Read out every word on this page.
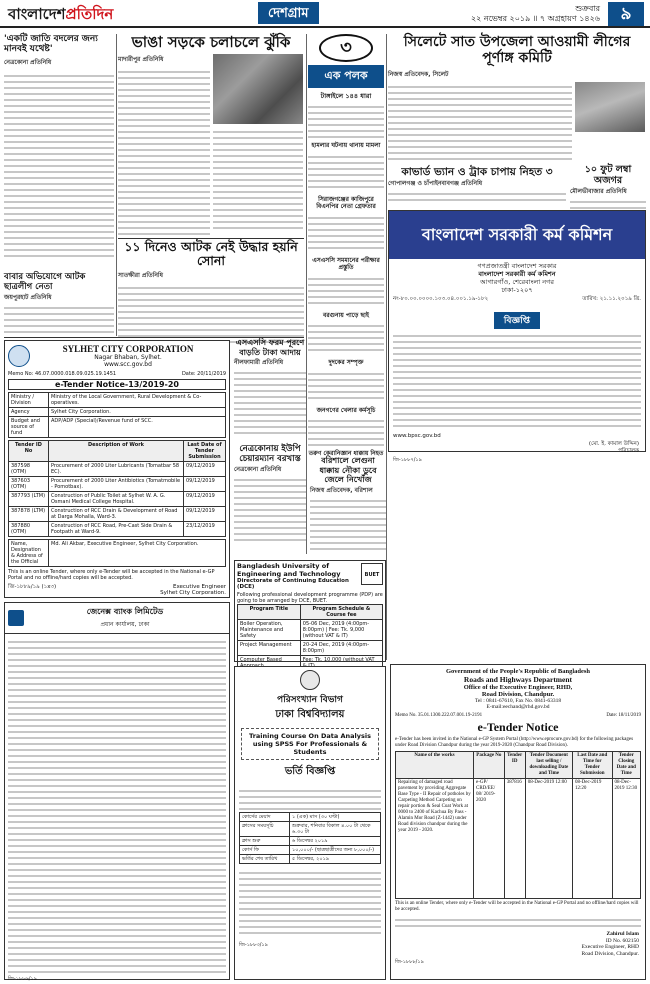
বাংলাদেশপ্রতিদিন	দেশগ্রাম	শুক্রবার
২২ নভেম্বর ২০১৯ ॥ ৭ অগ্রহায়ণ ১৪২৬	৯
'একটি জাতি বদলের জন্য মানবই যথেষ্ট'
নেত্রকোনা প্রতিনিধি
ভাঙা সড়কে চলাচলে ঝুঁকি
মাদারীপুর প্রতিনিধি
৩
এক পলক
টাঙ্গাইলে ১৪৪ ধারা
হামলার ঘটনায় থানায় মামলা
সিরাজগঞ্জের কাজিপুরে বিএনপির নেতা গ্রেফতার
এসএসসি সমমানের পরীক্ষার প্রস্তুতি
বরগুনায় পাড়ে ছাই
দুদকের সম্পৃক্ত
জনগণের খেলার কর্মসূচি
তরুণ কেরানিজ্ঞান ধাক্কায় নিহত
সিলেটে সাত উপজেলা আওয়ামী লীগের পূর্ণাঙ্গ কমিটি
নিজস্ব প্রতিবেদক, সিলেট
কাভার্ড ভ্যান ও ট্রাক চাপায় নিহত ৩
গোপালগঞ্জ ও চাঁপাইনবাবগঞ্জ প্রতিনিধি
১০ ফুট লম্বা অজগর
মৌলভীবাজার প্রতিনিধি
১১ দিনেও আটক নেই উদ্ধার হয়নি সোনা
সাতক্ষীরা প্রতিনিধি
বাবার অভিযোগে আটক ছাত্রলীগ নেতা
জয়পুরহাট প্রতিনিধি
বাংলাদেশ সরকারী কর্ম কমিশন
গণপ্রজাতন্ত্রী বাংলাদেশ সরকার
বাংলাদেশ সরকারী কর্ম কমিশন
আগারগাঁও, শেরেবাংলা নগর
ঢাকা-১২০৭
নং-৮০.০০.০০০০.১০৩.০৪.০০১.১৯-১৮২	তারিখ: ২১.১১.২০১৯ খ্রি.
বিজ্ঞপ্তি
www.bpsc.gov.bd
(মো. ই. কামাল উদ্দিন)
পরিচালক
জি-১৮৮৭/১৯
এসএসসি ফরম পূরণে বাড়তি টাকা আদায়
নীলফামারী প্রতিনিধি
SYLHET CITY CORPORATION
Nagar Bhaban, Sylhet.
www.scc.gov.bd
Memo No: 46.07.0000.018.09.025.19.1451	Date: 20/11/2019
e-Tender Notice-13/2019-20
Ministry / Division	Ministry of the Local Government, Rural Development & Co-operatives.
Agency	Sylhet City Corporation.
Budget and source of fund	ADP/ADP (Special)/Revenue fund of SCC.
Tender ID No	Description of Work	Last Date of Tender Submission
387598 (OTM)	Procurement of 2000 Liter Lubricants (Tomatbar 58 EC).	09/12/2019
387603 (OTM)	Procurement of 2000 Liter Antibiotics (Tomatmobile - Pomotbax).	09/12/2019
387793 (LTM)	Construction of Public Toilet at Sylhet W. A. G. Osmani Medical College Hospital.	09/12/2019
387878 (LTM)	Construction of RCC Drain & Development of Road at Darga Mohalla, Ward-3.	09/12/2019
387880 (OTM)	Construction of RCC Road, Pre-Cast Side Drain & Footpath at Ward-9.	23/12/2019
Name, Designation & Address of the Official	Md. Ali Akbar, Executive Engineer, Sylhet City Corporation.
This is an online Tender, where only e-Tender will be accepted in the National e-GP Portal and no offline/hard copies will be accepted.
জি-১৮৮৯/১৯ (১x৩)	Executive Engineer
Sylhet City Corporation.
নেত্রকোনায় ইউপি চেয়ারম্যান বরখাস্ত
নেত্রকোনা প্রতিনিধি
বরিশালে লেগুনা ধাক্কায় নৌকা ডুবে জেলে নিখোঁজ
নিজস্ব প্রতিবেদক, বরিশাল
Bangladesh University of Engineering and Technology
Directorate of Continuing Education (DCE)
BUET
Following professional development programme (PDP) are going to be arranged by DCE, BUET.
Program Title	Program Schedule & Course fee
Boiler Operation, Maintenance and Safety	05-06 Dec, 2019 (4:00pm-8:00pm) | Fee: Tk. 9,000 (without VAT & IT)
Project Management	20-24 Dec, 2019 (4:00pm-8:00pm)
Computer Based	Fee: Tk. 10,000 (without VAT
জেনেক্স ব্যাংক লিমিটেড
প্রধান কার্যালয়, ঢাকা
জি-১৮৮৬/১৯
পরিসংখ্যান বিভাগ
ঢাকা বিশ্ববিদ্যালয়
Training Course On Data Analysis using SPSS For Professionals & Students
ভর্তি বিজ্ঞপ্তি
কোর্সের মেয়াদ	১ (এক) মাস (৩০ ঘণ্টা)
ক্লাসের সময়সূচি	শুক্রবার, শনিবার বিকাল ৪.০০ টা থেকে ৬.৩০ টা
ক্লাস শুরু	৬ ডিসেম্বর ২০১৯
কোর্স ফি	১০,০০০/- (ছাত্রছাত্রীদের জন্য ৮,০০০/-)
ভর্তির শেষ তারিখ	৫ ডিসেম্বর, ২০১৯
জি-১৮৮৩/১৯
Government of the People's Republic of Bangladesh
Roads and Highways Department
Office of the Executive Engineer, RHD,
Road Division, Chandpur.
Tel : 0841-67610, Fax No. 0841-63318
E-mail:eechand@rhd.gov.bd
Memo No. 35.01.1300.222.07.001.19-2191	Date: 18/11/2019
e-Tender Notice
e-Tender has been invited in the National e-GP System Portal (http://www.eprocure.gov.bd) for the following packages under Road Division Chandpur during the year 2019-2020 (Chandpur Road Division).
Name of the works	Package No	Tender ID	Tender Document last selling / downloading Date and Time	Last Date and Time for Tender Submission	Tender Closing Date and Time
Repairing of damaged road pavement by providing Aggregate Base Type - II Repair of potholes by Carpeting Method Carpeting on repair portion & Seal Coat Work at 0000 to 2400 of Kachua By Pass - Alamin Mor Road (Z-1442) under Road division chandpur during the year 2019 - 2020.	e-GP/ CRD/EE/ 08/ 2019-2020	387816	08-Dec-2019 12:00	08-Dec-2019 12:20	08-Dec-2019 12:30
This is an online Tender, where only e-Tender will be accepted in the National e-GP Portal and no offline/hard copies will be accepted.
Zahirul Islam
ID No. 602150
Executive Engineer, RHD
Road Division, Chandpur.
জি-১৮৮৮/১৯
